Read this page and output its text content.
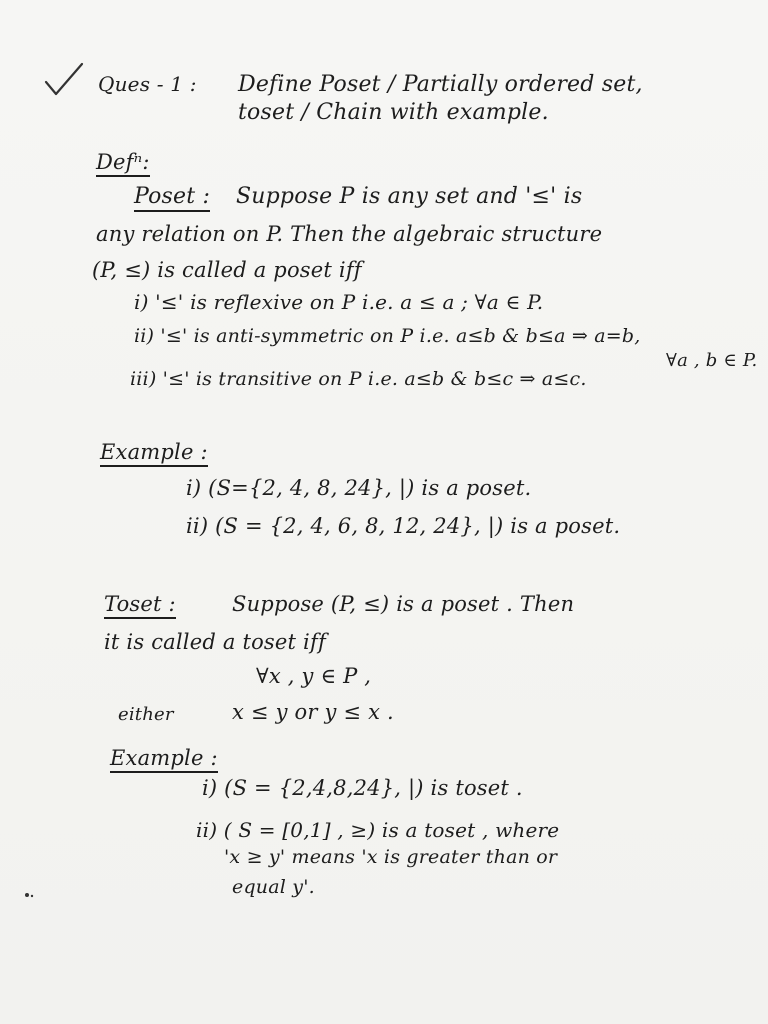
Ques - 1 : Define Poset / Partially ordered set,
toset / Chain with example.
Defⁿ:
Poset : Suppose P is any set and '≤' is
any relation on P. Then the algebraic structure
(P, ≤) is called a poset iff
i) '≤' is reflexive on P i.e. a ≤ a ; ∀a ∈ P.
ii) '≤' is anti-symmetric on P i.e. a≤b & b≤a ⇒ a=b,
∀a , b ∈ P.
iii) '≤' is transitive on P i.e. a≤b & b≤c ⇒ a≤c.
Example :
i) (S={2, 4, 8, 24}, |) is a poset.
ii) (S = {2, 4, 6, 8, 12, 24}, |) is a poset.
Toset :	Suppose (P, ≤) is a poset . Then
it is called a toset iff
∀x , y ∈ P ,
either	x ≤ y or y ≤ x .
Example :
i) (S = {2,4,8,24}, |) is toset .
ii) ( S = [0,1] , ≥) is a toset , where
'x ≥ y' means 'x is greater than or
equal y'.
